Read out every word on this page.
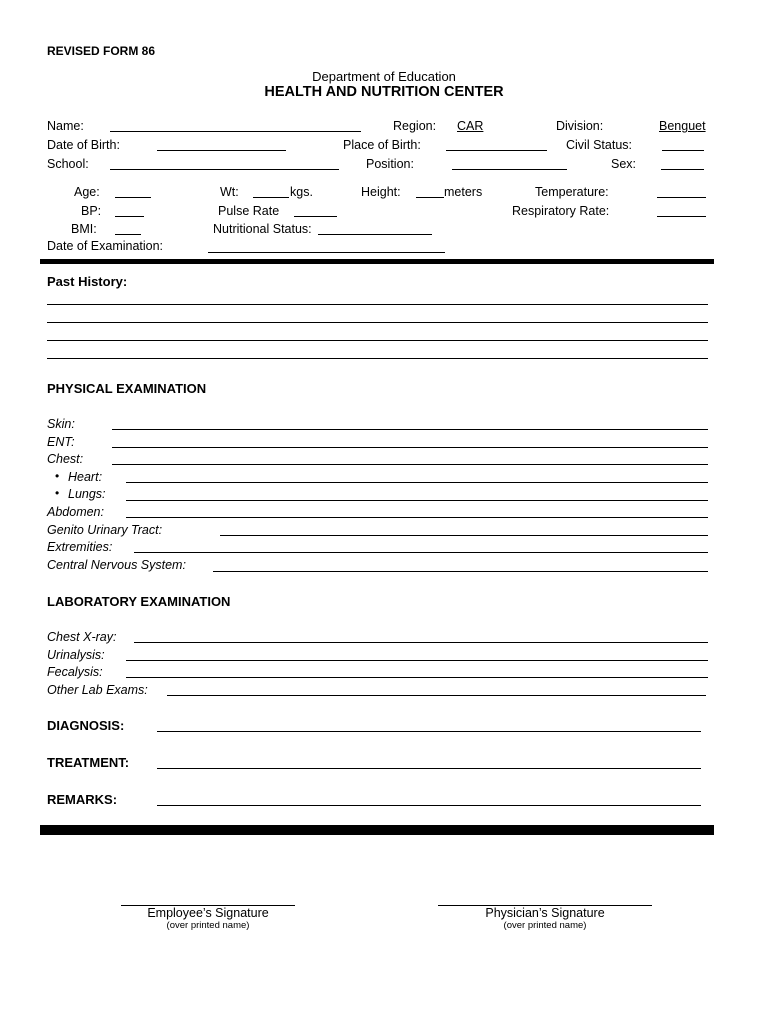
REVISED FORM 86
Department of Education
HEALTH AND NUTRITION CENTER
Name:	Region: CAR	Division:	Benguet
Date of Birth:	Place of Birth:	Civil Status:
School:	Position:	Sex:
Age:	Wt:	kgs.	Height:	meters	Temperature:
BP:	Pulse Rate	Respiratory Rate:
BMI:	Nutritional Status:
Date of Examination:
Past History:
PHYSICAL EXAMINATION
Skin:
ENT:
Chest:
• Heart:
• Lungs:
Abdomen:
Genito Urinary Tract:
Extremities:
Central Nervous System:
LABORATORY EXAMINATION
Chest X-ray:
Urinalysis:
Fecalysis:
Other Lab Exams:
DIAGNOSIS:
TREATMENT:
REMARKS:
Employee’s Signature
(over printed name)
Physician’s Signature
(over printed name)
